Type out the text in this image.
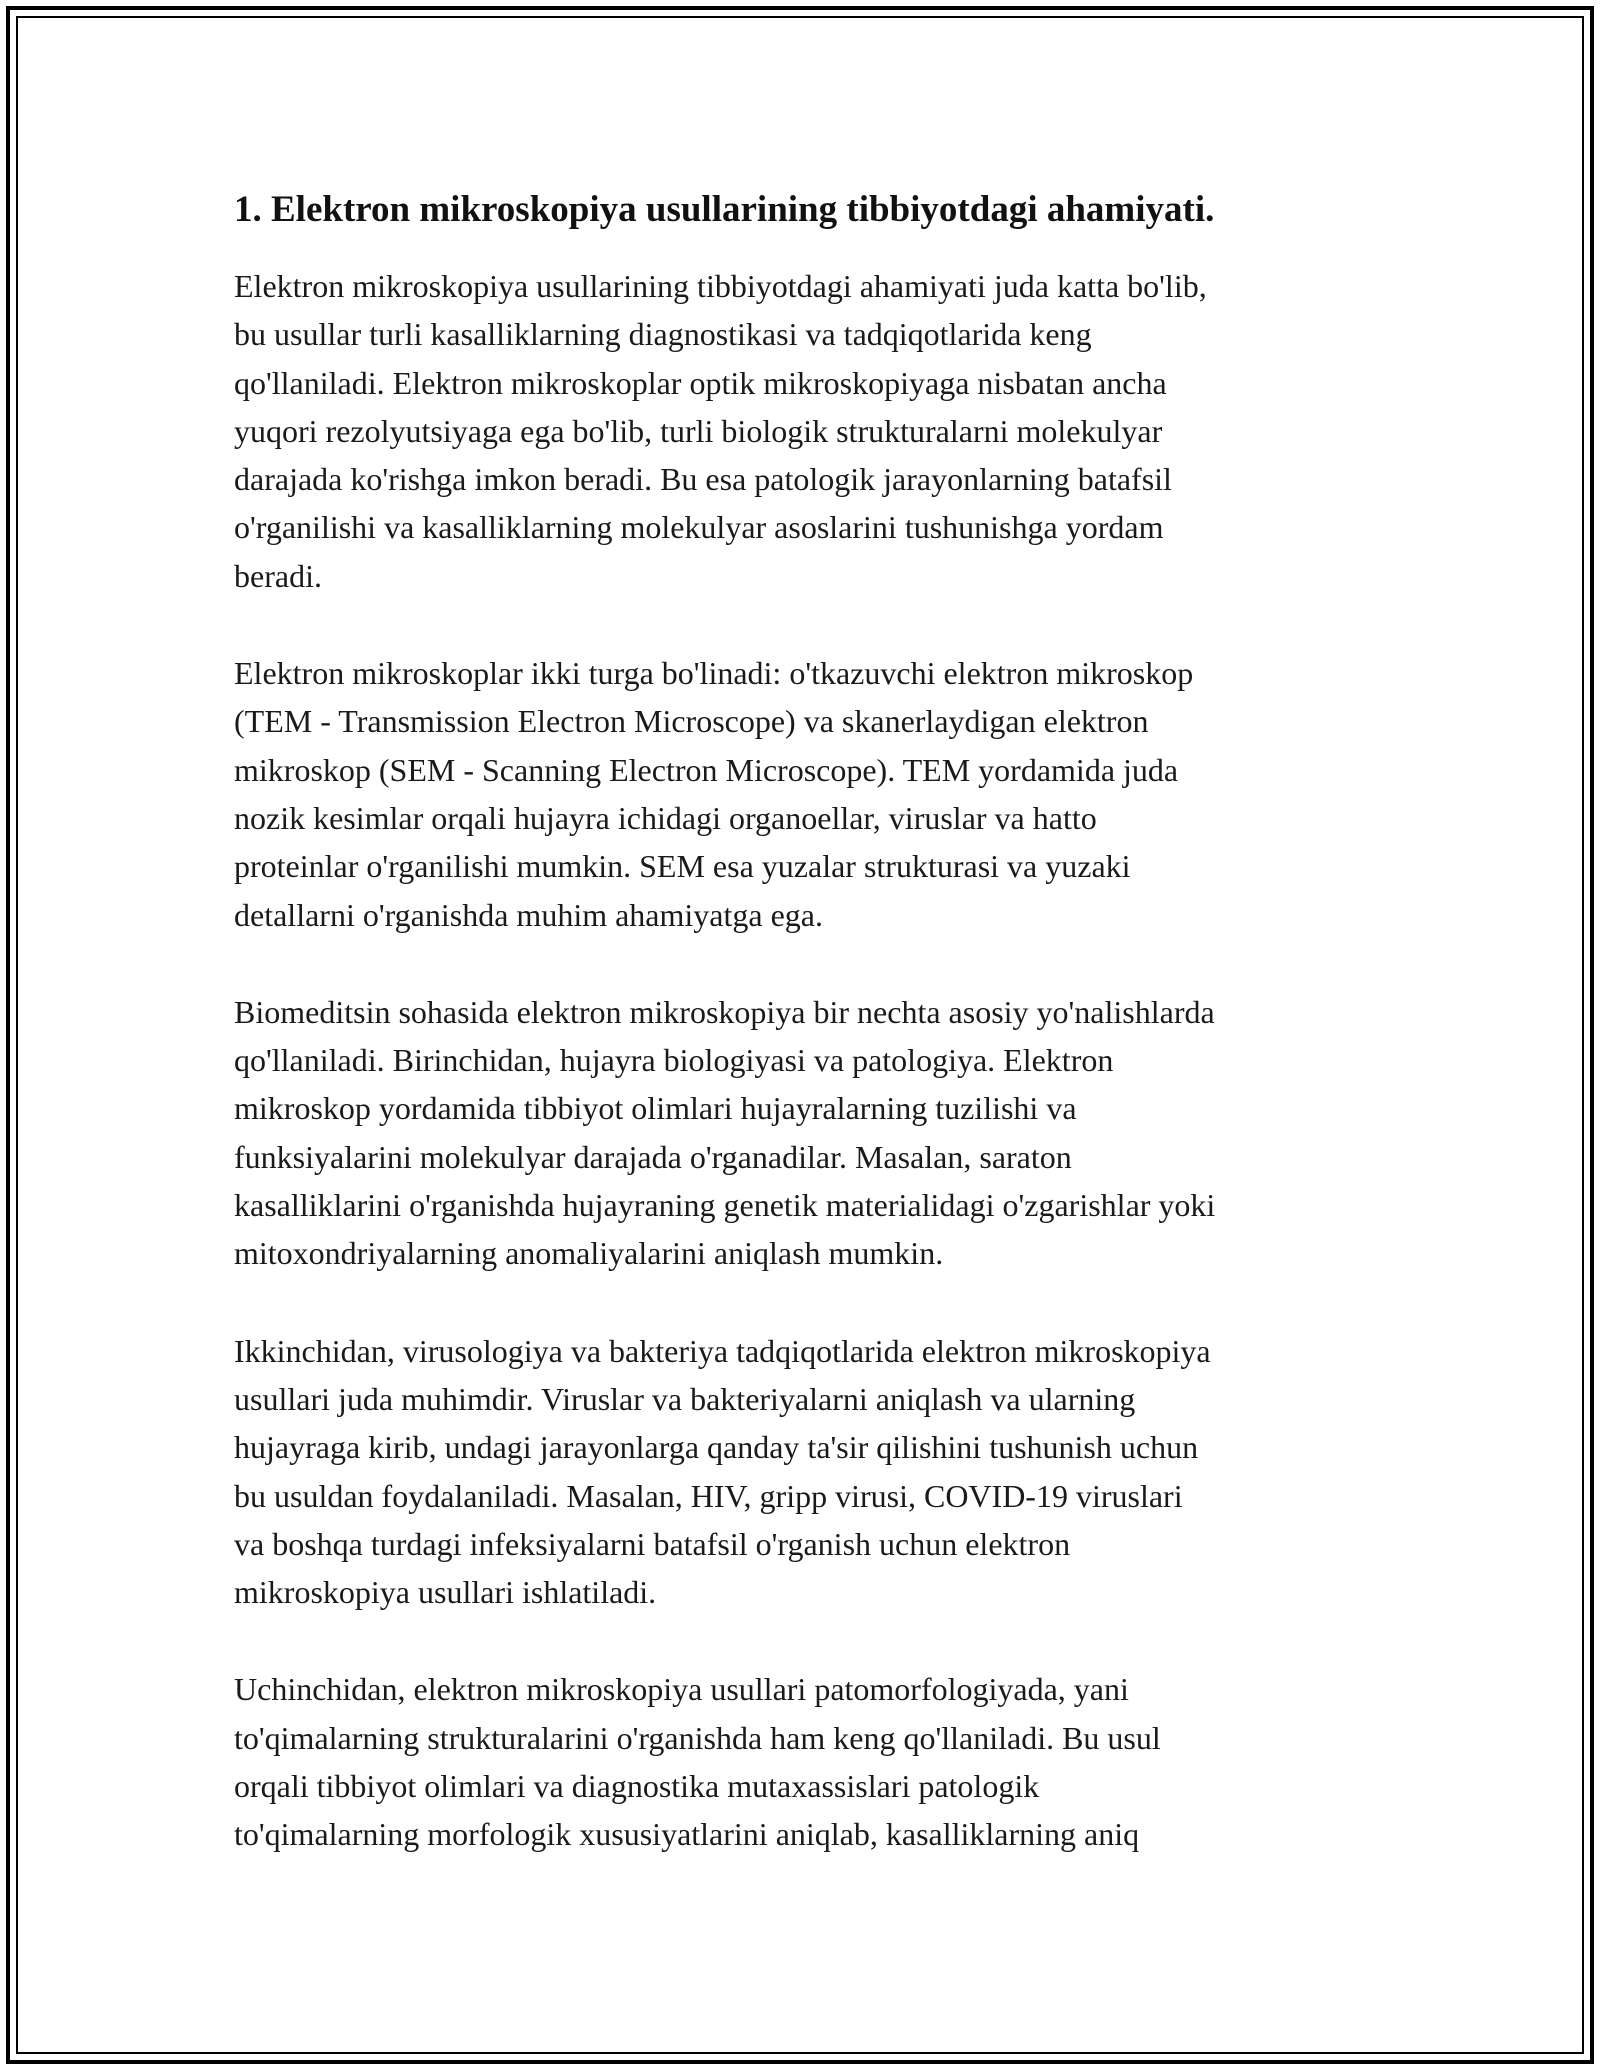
1. Elektron mikroskopiya usullarining tibbiyotdagi ahamiyati.

Elektron mikroskopiya usullarining tibbiyotdagi ahamiyati juda katta bo'lib,
bu usullar turli kasalliklarning diagnostikasi va tadqiqotlarida keng
qo'llaniladi. Elektron mikroskoplar optik mikroskopiyaga nisbatan ancha
yuqori rezolyutsiyaga ega bo'lib, turli biologik strukturalarni molekulyar
darajada ko'rishga imkon beradi. Bu esa patologik jarayonlarning batafsil
o'rganilishi va kasalliklarning molekulyar asoslarini tushunishga yordam
beradi.

Elektron mikroskoplar ikki turga bo'linadi: o'tkazuvchi elektron mikroskop
(TEM - Transmission Electron Microscope) va skanerlaydigan elektron
mikroskop (SEM - Scanning Electron Microscope). TEM yordamida juda
nozik kesimlar orqali hujayra ichidagi organoellar, viruslar va hatto
proteinlar o'rganilishi mumkin. SEM esa yuzalar strukturasi va yuzaki
detallarni o'rganishda muhim ahamiyatga ega.

Biomeditsin sohasida elektron mikroskopiya bir nechta asosiy yo'nalishlarda
qo'llaniladi. Birinchidan, hujayra biologiyasi va patologiya. Elektron
mikroskop yordamida tibbiyot olimlari hujayralarning tuzilishi va
funksiyalarini molekulyar darajada o'rganadilar. Masalan, saraton
kasalliklarini o'rganishda hujayraning genetik materialidagi o'zgarishlar yoki
mitoxondriyalarning anomaliyalarini aniqlash mumkin.

Ikkinchidan, virusologiya va bakteriya tadqiqotlarida elektron mikroskopiya
usullari juda muhimdir. Viruslar va bakteriyalarni aniqlash va ularning
hujayraga kirib, undagi jarayonlarga qanday ta'sir qilishini tushunish uchun
bu usuldan foydalaniladi. Masalan, HIV, gripp virusi, COVID-19 viruslari
va boshqa turdagi infeksiyalarni batafsil o'rganish uchun elektron
mikroskopiya usullari ishlatiladi.

Uchinchidan, elektron mikroskopiya usullari patomorfologiyada, yani
to'qimalarning strukturalarini o'rganishda ham keng qo'llaniladi. Bu usul
orqali tibbiyot olimlari va diagnostika mutaxassislari patologik
to'qimalarning morfologik xususiyatlarini aniqlab, kasalliklarning aniq
